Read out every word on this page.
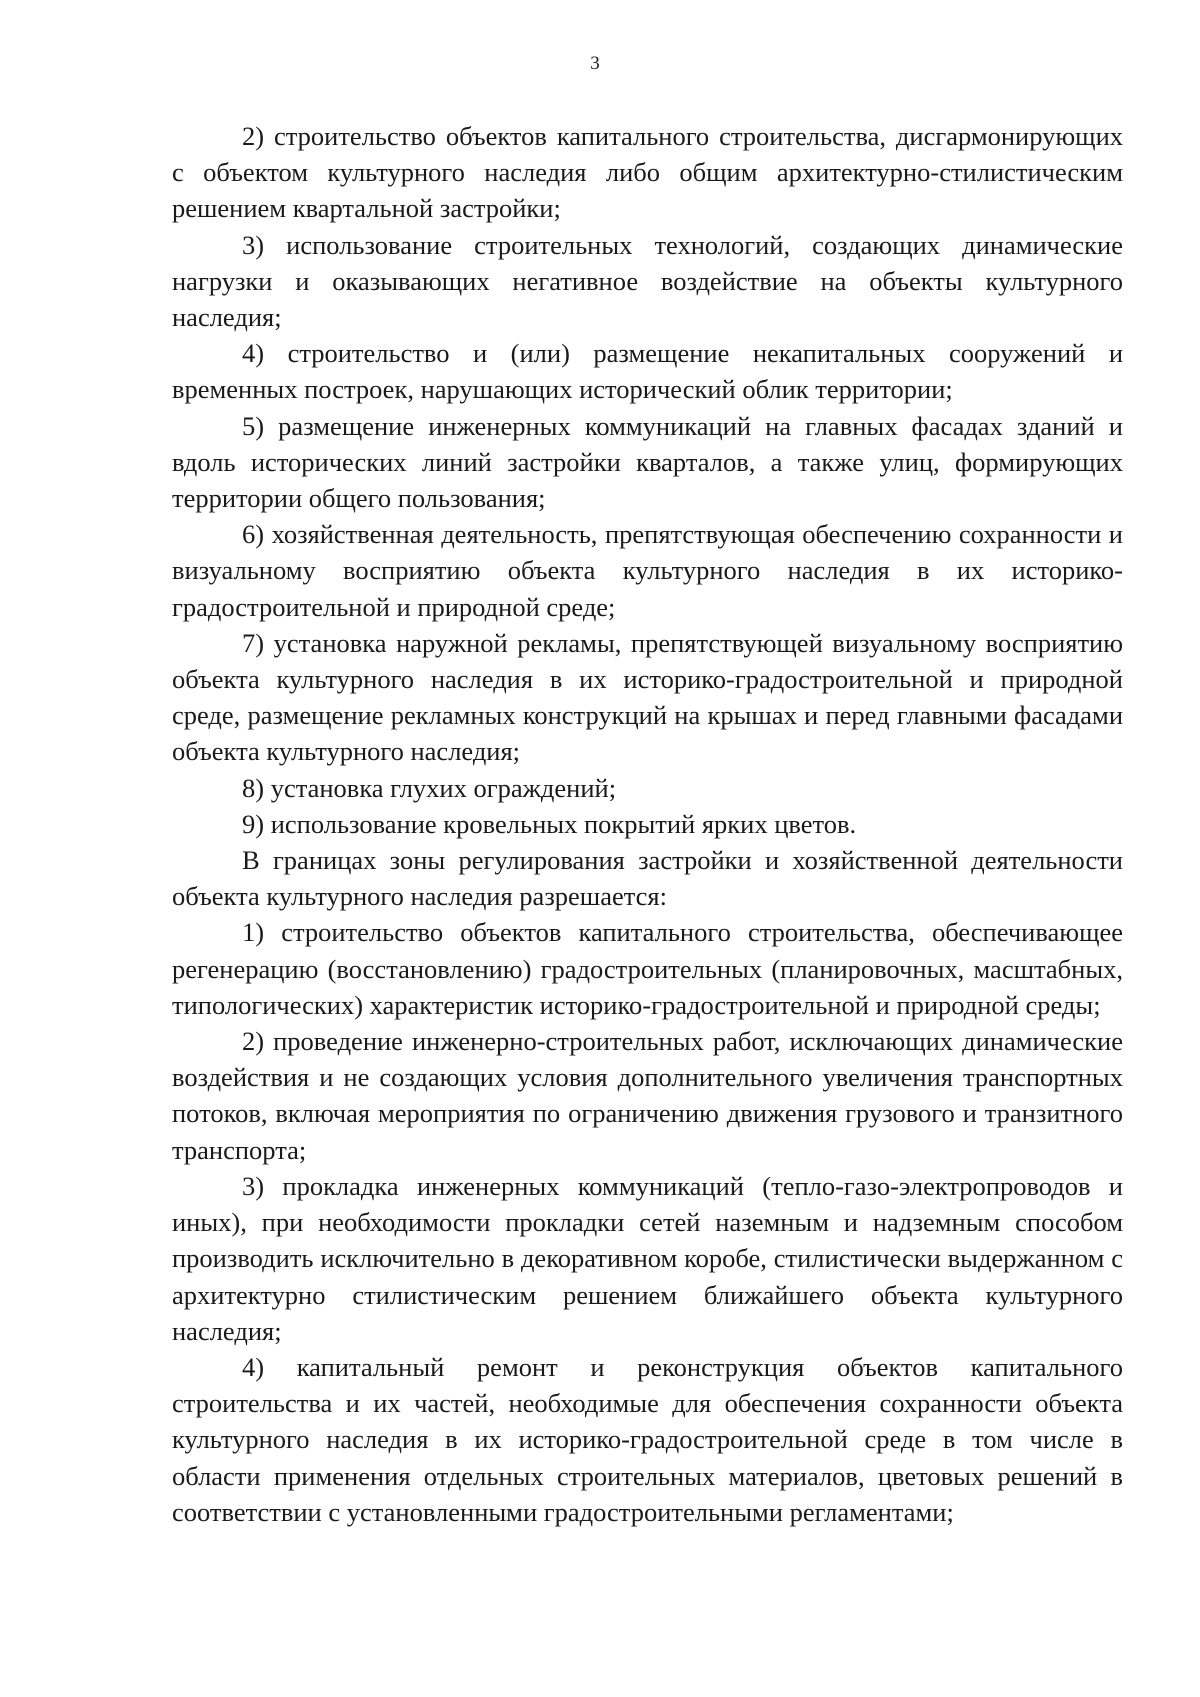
3

2) строительство объектов капитального строительства, дисгармонирующих с объектом культурного наследия либо общим архитектурно-стилистическим решением квартальной застройки;

3) использование строительных технологий, создающих динамические нагрузки и оказывающих негативное воздействие на объекты культурного наследия;

4) строительство и (или) размещение некапитальных сооружений и временных построек, нарушающих исторический облик территории;

5) размещение инженерных коммуникаций на главных фасадах зданий и вдоль исторических линий застройки кварталов, а также улиц, формирующих территории общего пользования;

6) хозяйственная деятельность, препятствующая обеспечению сохранности и визуальному восприятию объекта культурного наследия в их историко-градостроительной и природной среде;

7) установка наружной рекламы, препятствующей визуальному восприятию объекта культурного наследия в их историко-градостроительной и природной среде, размещение рекламных конструкций на крышах и перед главными фасадами объекта культурного наследия;

8) установка глухих ограждений;

9) использование кровельных покрытий ярких цветов.

В границах зоны регулирования застройки и хозяйственной деятельности объекта культурного наследия разрешается:

1) строительство объектов капитального строительства, обеспечивающее регенерацию (восстановлению) градостроительных (планировочных, масштабных, типологических) характеристик историко-градостроительной и природной среды;

2) проведение инженерно-строительных работ, исключающих динамические воздействия и не создающих условия дополнительного увеличения транспортных потоков, включая мероприятия по ограничению движения грузового и транзитного транспорта;

3) прокладка инженерных коммуникаций (тепло-газо-электропроводов и иных), при необходимости прокладки сетей наземным и надземным способом производить исключительно в декоративном коробе, стилистически выдержанном с архитектурно стилистическим решением ближайшего объекта культурного наследия;

4) капитальный ремонт и реконструкция объектов капитального строительства и их частей, необходимые для обеспечения сохранности объекта культурного наследия в их историко-градостроительной среде в том числе в области применения отдельных строительных материалов, цветовых решений в соответствии с установленными градостроительными регламентами;
